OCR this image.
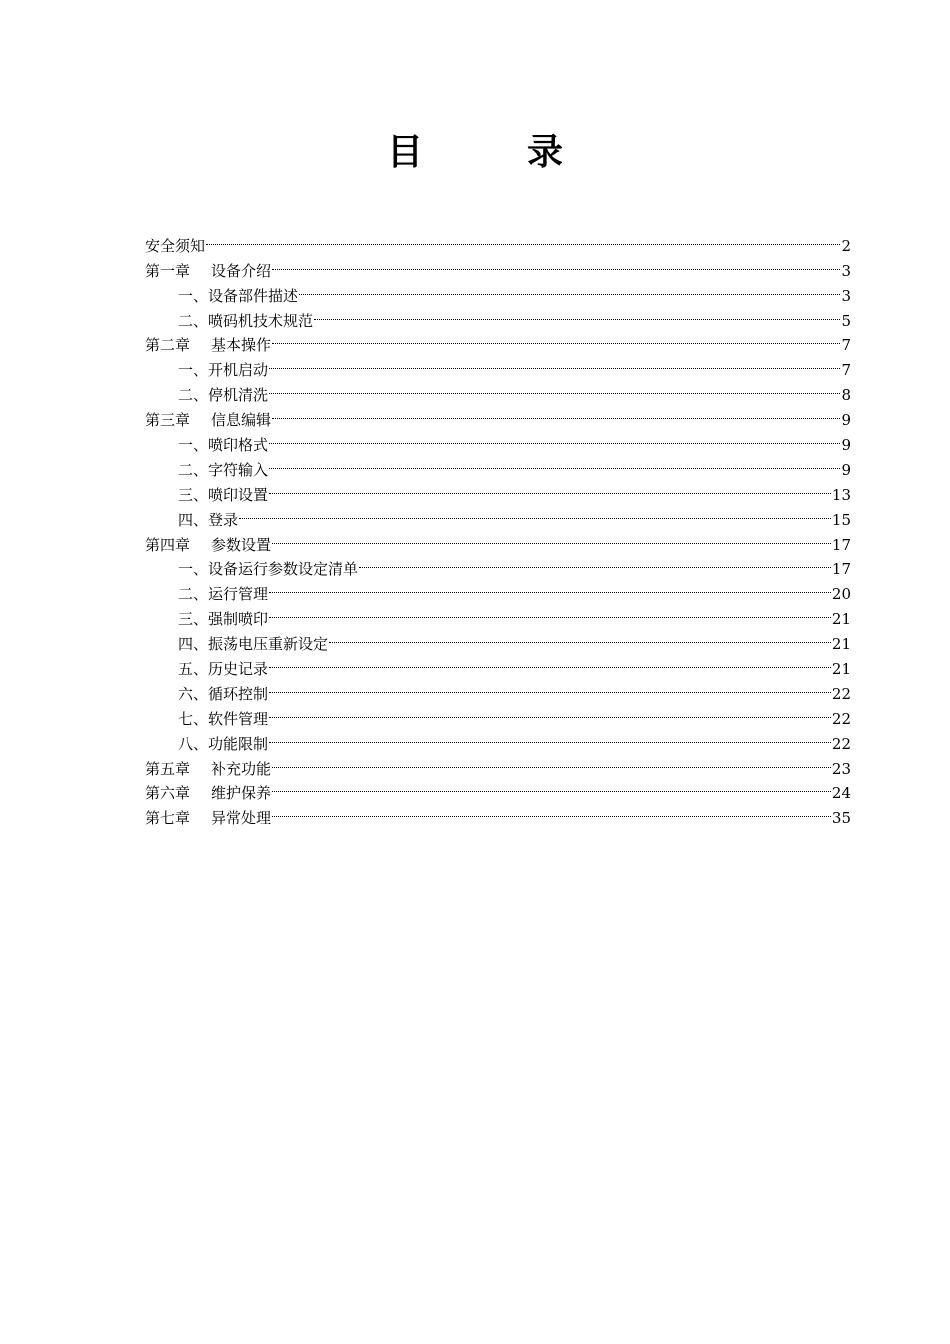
目　录
安全须知	2
第一章 设备介绍	3
一、设备部件描述	3
二、喷码机技术规范	5
第二章 基本操作	7
一、开机启动	7
二、停机清洗	8
第三章 信息编辑	9
一、喷印格式	9
二、字符输入	9
三、喷印设置	13
四、登录	15
第四章 参数设置	17
一、设备运行参数设定清单	17
二、运行管理	20
三、强制喷印	21
四、振荡电压重新设定	21
五、历史记录	21
六、循环控制	22
七、软件管理	22
八、功能限制	22
第五章 补充功能	23
第六章 维护保养	24
第七章 异常处理	35
